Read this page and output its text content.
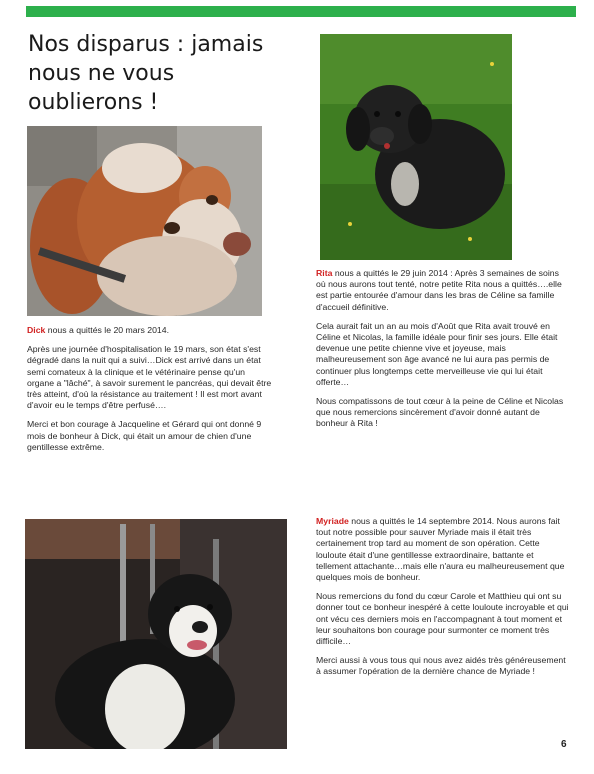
Nos disparus : jamais
nous ne vous
oublierons !

Dick nous a quittés le 20 mars 2014.

Après une journée d'hospitalisation le 19 mars, son état s'est dégradé dans la nuit qui a suivi…Dick est arrivé dans un état semi comateux à la clinique et le vétérinaire pense qu'un organe a "lâché", à savoir surement le pancréas, qui devait être très atteint, d'où la résistance au traitement ! Il est mort avant d'avoir eu le temps d'être perfusé….

Merci et bon courage à Jacqueline et Gérard qui ont donné 9 mois de bonheur à Dick, qui était un amour de chien d'une gentillesse extrême.

Rita nous a quittés le 29 juin 2014 : Après 3 semaines de soins où nous aurons tout tenté, notre petite Rita nous a quittés….elle est partie entourée d'amour dans les bras de Céline sa famille d'accueil définitive.

Cela aurait fait un an au mois d'Août que Rita avait trouvé en Céline et Nicolas, la famille idéale pour finir ses jours. Elle était devenue une petite chienne vive et joyeuse, mais malheureusement son âge avancé ne lui aura pas permis de continuer plus longtemps cette merveilleuse vie qui lui était offerte…

Nous compatissons de tout cœur à la peine de Céline et Nicolas que nous remercions sincèrement d'avoir donné autant de bonheur à Rita !

Myriade nous a quittés le 14 septembre 2014. Nous aurons fait tout notre possible pour sauver Myriade mais il était très certainement trop tard au moment de son opération. Cette louloute était d'une gentillesse extraordinaire, battante et tellement attachante…mais elle n'aura eu malheureusement que quelques mois de bonheur.

Nous remercions du fond du cœur Carole et Matthieu qui ont su donner tout ce bonheur inespéré à cette louloute incroyable et qui ont vécu ces derniers mois en l'accompagnant à tout moment et leur souhaitons bon courage pour surmonter ce moment très difficile…

Merci aussi à vous tous qui nous avez aidés très généreusement à assumer l'opération de la dernière chance de Myriade !

6
